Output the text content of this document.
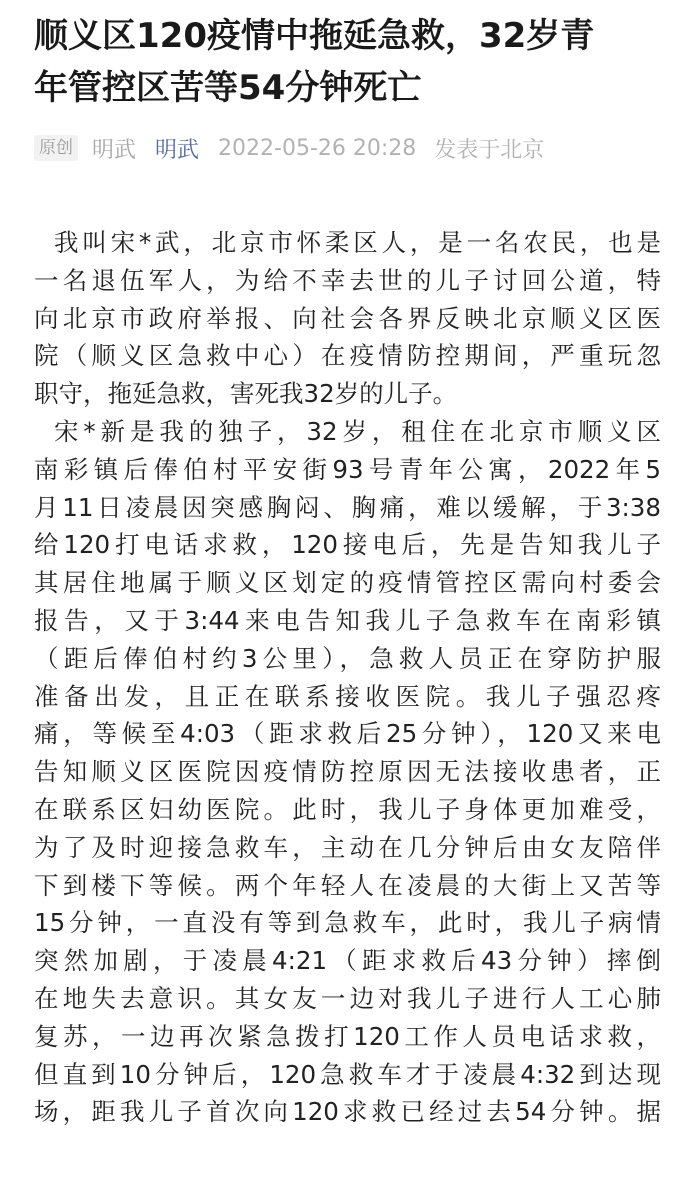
顺义区120疫情中拖延急救，32岁青
年管控区苦等54分钟死亡
原创 明武 明武 2022-05-26 20:28 发表于北京
我叫宋*武，北京市怀柔区人，是一名农民，也是
一名退伍军人，为给不幸去世的儿子讨回公道，特
向北京市政府举报、向社会各界反映北京顺义区医
院（顺义区急救中心）在疫情防控期间，严重玩忽
职守，拖延急救，害死我32岁的儿子。
宋*新是我的独子，32岁，租住在北京市顺义区
南彩镇后俸伯村平安街93号青年公寓，2022年5
月11日凌晨因突感胸闷、胸痛，难以缓解，于3:38
给120打电话求救，120接电后，先是告知我儿子
其居住地属于顺义区划定的疫情管控区需向村委会
报告，又于3:44来电告知我儿子急救车在南彩镇
（距后俸伯村约3公里），急救人员正在穿防护服
准备出发，且正在联系接收医院。我儿子强忍疼
痛，等候至4:03（距求救后25分钟），120又来电
告知顺义区医院因疫情防控原因无法接收患者，正
在联系区妇幼医院。此时，我儿子身体更加难受，
为了及时迎接急救车，主动在几分钟后由女友陪伴
下到楼下等候。两个年轻人在凌晨的大街上又苦等
15分钟，一直没有等到急救车，此时，我儿子病情
突然加剧，于凌晨4:21（距求救后43分钟）摔倒
在地失去意识。其女友一边对我儿子进行人工心肺
复苏，一边再次紧急拨打120工作人员电话求救，
但直到10分钟后，120急救车才于凌晨4:32到达现
场，距我儿子首次向120求救已经过去54分钟。据
